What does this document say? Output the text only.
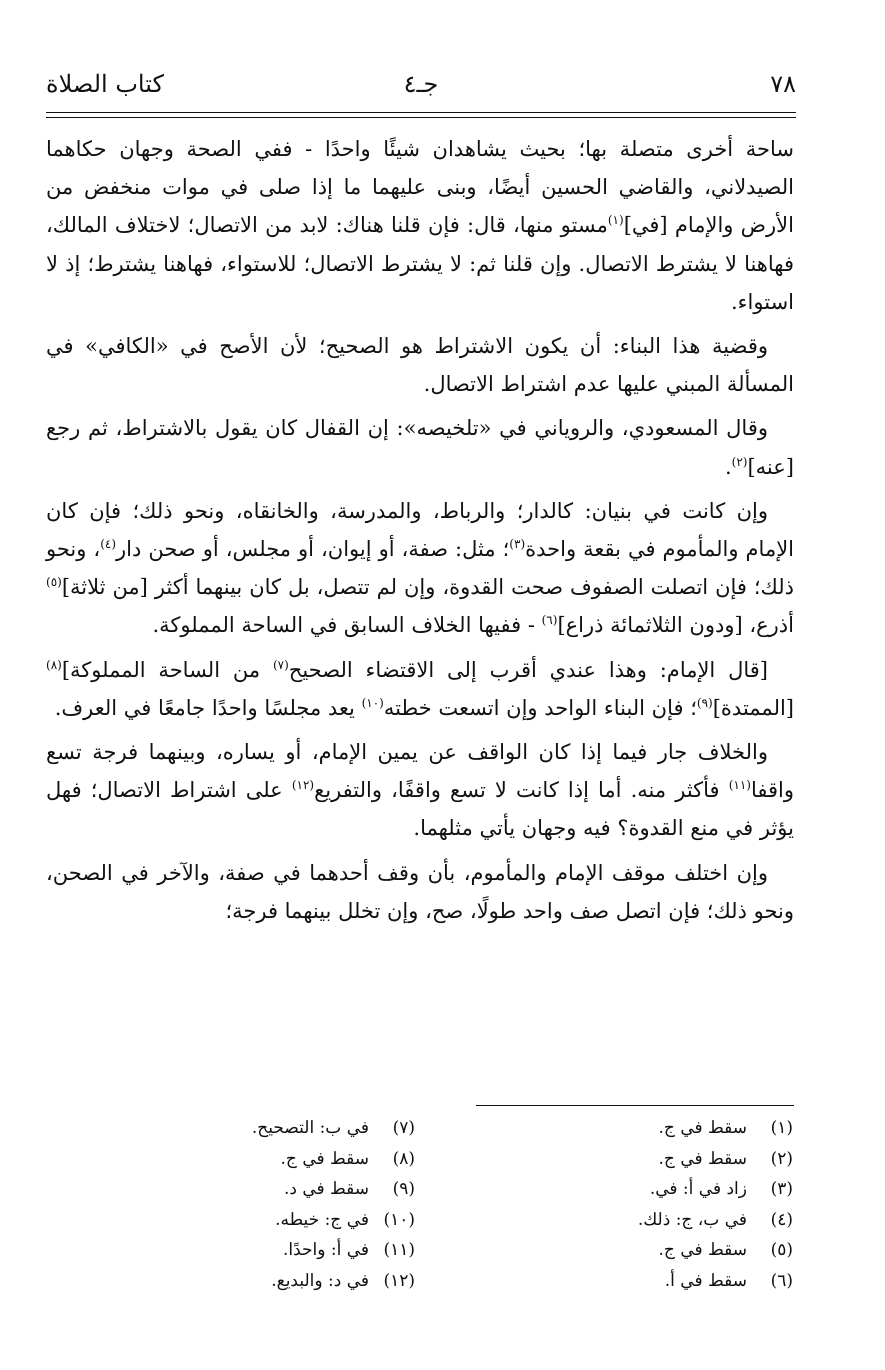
٧٨
جـ٤
كتاب الصلاة

ساحة أخرى متصلة بها؛ بحيث يشاهدان شيئًا واحدًا - ففي الصحة وجهان حكاهما الصيدلاني، والقاضي الحسين أيضًا، وبنى عليهما ما إذا صلى في موات منخفض من الأرض والإمام [في]$^{(١)}$مستو منها، قال: فإن قلنا هناك: لابد من الاتصال؛ لاختلاف المالك، فهاهنا لا يشترط الاتصال. وإن قلنا ثم: لا يشترط الاتصال؛ للاستواء، فهاهنا يشترط؛ إذ لا استواء.

وقضية هذا البناء: أن يكون الاشتراط هو الصحيح؛ لأن الأصح في «الكافي» في المسألة المبني عليها عدم اشتراط الاتصال.

وقال المسعودي، والروياني في «تلخيصه»: إن القفال كان يقول بالاشتراط، ثم رجع [عنه]$^{(٢)}$.

وإن كانت في بنيان: كالدار؛ والرباط، والمدرسة، والخانقاه، ونحو ذلك؛ فإن كان الإمام والمأموم في بقعة واحدة$^{(٣)}$؛ مثل: صفة، أو إيوان، أو مجلس، أو صحن دار$^{(٤)}$، ونحو ذلك؛ فإن اتصلت الصفوف صحت القدوة، وإن لم تتصل، بل كان بينهما أكثر [من ثلاثة]$^{(٥)}$ أذرع، [ودون الثلاثمائة ذراع]$^{(٦)}$ - ففيها الخلاف السابق في الساحة المملوكة.

[قال الإمام: وهذا عندي أقرب إلى الاقتضاء الصحيح$^{(٧)}$ من الساحة المملوكة]$^{(٨)}$ [الممتدة]$^{(٩)}$؛ فإن البناء الواحد وإن اتسعت خطته$^{(١٠)}$ يعد مجلسًا واحدًا جامعًا في العرف.

والخلاف جار فيما إذا كان الواقف عن يمين الإمام، أو يساره، وبينهما فرجة تسع واقفا$^{(١١)}$ فأكثر منه. أما إذا كانت لا تسع واقفًا، والتفريع$^{(١٢)}$ على اشتراط الاتصال؛ فهل يؤثر في منع القدوة؟ فيه وجهان يأتي مثلهما.

وإن اختلف موقف الإمام والمأموم، بأن وقف أحدهما في صفة، والآخر في الصحن، ونحو ذلك؛ فإن اتصل صف واحد طولًا، صح، وإن تخلل بينهما فرجة؛

(١)سقط في ج.
(٢)سقط في ج.
(٣)زاد في أ: في.
(٤)في ب، ج: ذلك.
(٥)سقط في ج.
(٦)سقط في أ.
(٧)في ب: التصحيح.
(٨)سقط في ج.
(٩)سقط في د.
(١٠)في ج: خيطه.
(١١)في أ: واحدًا.
(١٢)في د: والبديع.
